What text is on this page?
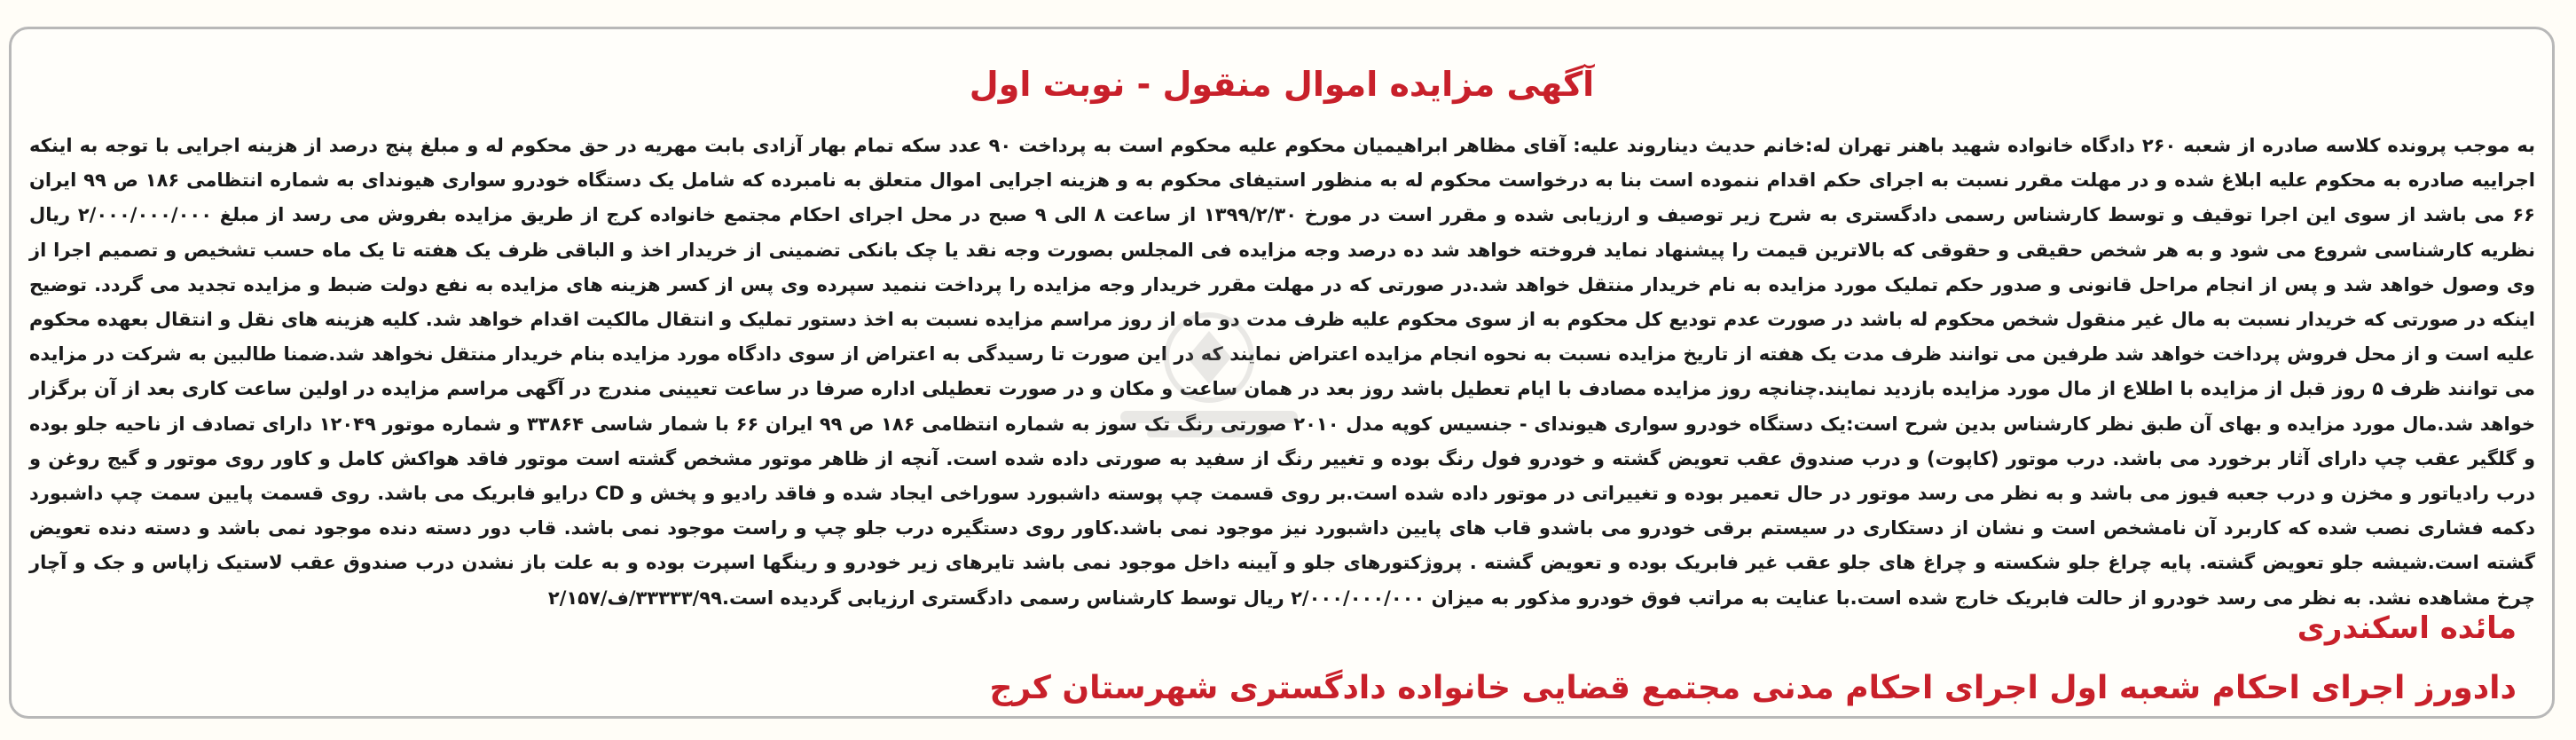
آگهی مزایده اموال منقول - نوبت اول

به موجب پرونده کلاسه صادره از شعبه ۲۶۰ دادگاه خانواده شهید باهنر تهران له:خانم حدیث دیناروند علیه: آقای مظاهر ابراهیمیان محکوم علیه محکوم است به پرداخت ۹۰ عدد سکه تمام بهار آزادی بابت مهریه در حق محکوم له و مبلغ پنج درصد از هزینه اجرایی با توجه به اینکه اجراییه صادره به محکوم علیه ابلاغ شده و در مهلت مقرر نسبت به اجرای حکم اقدام ننموده است بنا به درخواست محکوم له به منظور استیفای محکوم به و هزینه اجرایی اموال متعلق به نامبرده که شامل یک دستگاه خودرو سواری هیوندای به شماره انتظامی ۱۸۶ ص ۹۹ ایران ۶۶ می باشد از سوی این اجرا توقیف و توسط کارشناس رسمی دادگستری به شرح زیر توصیف و ارزیابی شده و مقرر است در مورخ ۱۳۹۹/۲/۳۰ از ساعت ۸ الی ۹ صبح در محل اجرای احکام مجتمع خانواده کرج از طریق مزایده بفروش می رسد از مبلغ ۲/۰۰۰/۰۰۰/۰۰۰ ریال نظریه کارشناسی شروع می شود و به هر شخص حقیقی و حقوقی که بالاترین قیمت را پیشنهاد نماید فروخته خواهد شد ده درصد وجه مزایده فی المجلس بصورت وجه نقد یا چک بانکی تضمینی از خریدار اخذ و الباقی ظرف یک هفته تا یک ماه حسب تشخیص و تصمیم اجرا از وی وصول خواهد شد و پس از انجام مراحل قانونی و صدور حکم تملیک مورد مزایده به نام خریدار منتقل خواهد شد.در صورتی که در مهلت مقرر خریدار وجه مزایده را پرداخت ننمید سپرده وی پس از کسر هزینه های مزایده به نفع دولت ضبط و مزایده تجدید می گردد. توضیح اینکه در صورتی که خریدار نسبت به مال غیر منقول شخص محکوم له باشد در صورت عدم تودیع کل محکوم به از سوی محکوم علیه ظرف مدت دو ماه از روز مراسم مزایده نسبت به اخذ دستور تملیک و انتقال مالکیت اقدام خواهد شد. کلیه هزینه های نقل و انتقال بعهده محکوم علیه است و از محل فروش پرداخت خواهد شد طرفین می توانند ظرف مدت یک هفته از تاریخ مزایده نسبت به نحوه انجام مزایده اعتراض نمایند که در این صورت تا رسیدگی به اعتراض از سوی دادگاه مورد مزایده بنام خریدار منتقل نخواهد شد.ضمنا طالبین به شرکت در مزایده می توانند ظرف ۵ روز قبل از مزایده با اطلاع از مال مورد مزایده بازدید نمایند.چنانچه روز مزایده مصادف با ایام تعطیل باشد روز بعد در همان ساعت و مکان و در صورت تعطیلی اداره صرفا در ساعت تعیینی مندرج در آگهی مراسم مزایده در اولین ساعت کاری بعد از آن برگزار خواهد شد.مال مورد مزایده و بهای آن طبق نظر کارشناس بدین شرح است:یک دستگاه خودرو سواری هیوندای - جنسیس کوپه مدل ۲۰۱۰ صورتی رنگ تک سوز به شماره انتظامی ۱۸۶ ص ۹۹ ایران ۶۶ با شمار شاسی ۳۳۸۶۴ و شماره موتور ۱۲۰۴۹ دارای تصادف از ناحیه جلو بوده و گلگیر عقب چپ دارای آثار برخورد می باشد. درب موتور (کاپوت) و درب صندوق عقب تعویض گشته و خودرو فول رنگ بوده و تغییر رنگ از سفید به صورتی داده شده است. آنچه از ظاهر موتور مشخص گشته است موتور فاقد هواکش کامل و کاور روی موتور و گیج روغن و درب رادیاتور و مخزن و درب جعبه فیوز می باشد و به نظر می رسد موتور در حال تعمیر بوده و تغییراتی در موتور داده شده است.بر روی قسمت چپ پوسته داشبورد سوراخی ایجاد شده و فاقد رادیو و پخش و CD درایو فابریک می باشد. روی قسمت پایین سمت چپ داشبورد دکمه فشاری نصب شده که کاربرد آن نامشخص است و نشان از دستکاری در سیستم برقی خودرو می باشدو قاب های پایین داشبورد نیز موجود نمی باشد.کاور روی دستگیره درب جلو چپ و راست موجود نمی باشد. قاب دور دسته دنده موجود نمی باشد و دسته دنده تعویض گشته است.شیشه جلو تعویض گشته. پایه چراغ جلو شکسته و چراغ های جلو عقب غیر فابریک بوده و تعویض گشته . پروژکتورهای جلو و آیینه داخل موجود نمی باشد تایرهای زیر خودرو و رینگها اسپرت بوده و به علت باز نشدن درب صندوق عقب لاستیک زاپاس و جک و آچار چرخ مشاهده نشد. به نظر می رسد خودرو از حالت فابریک خارج شده است.با عنایت به مراتب فوق خودرو مذکور به میزان ۲/۰۰۰/۰۰۰/۰۰۰ ریال توسط کارشناس رسمی دادگستری ارزیابی گردیده است.۳۳۳۳۳/۹۹/ف/۲/۱۵۷

مائده اسکندری
دادورز اجرای احکام شعبه اول اجرای احکام مدنی مجتمع قضایی خانواده دادگستری شهرستان کرج
